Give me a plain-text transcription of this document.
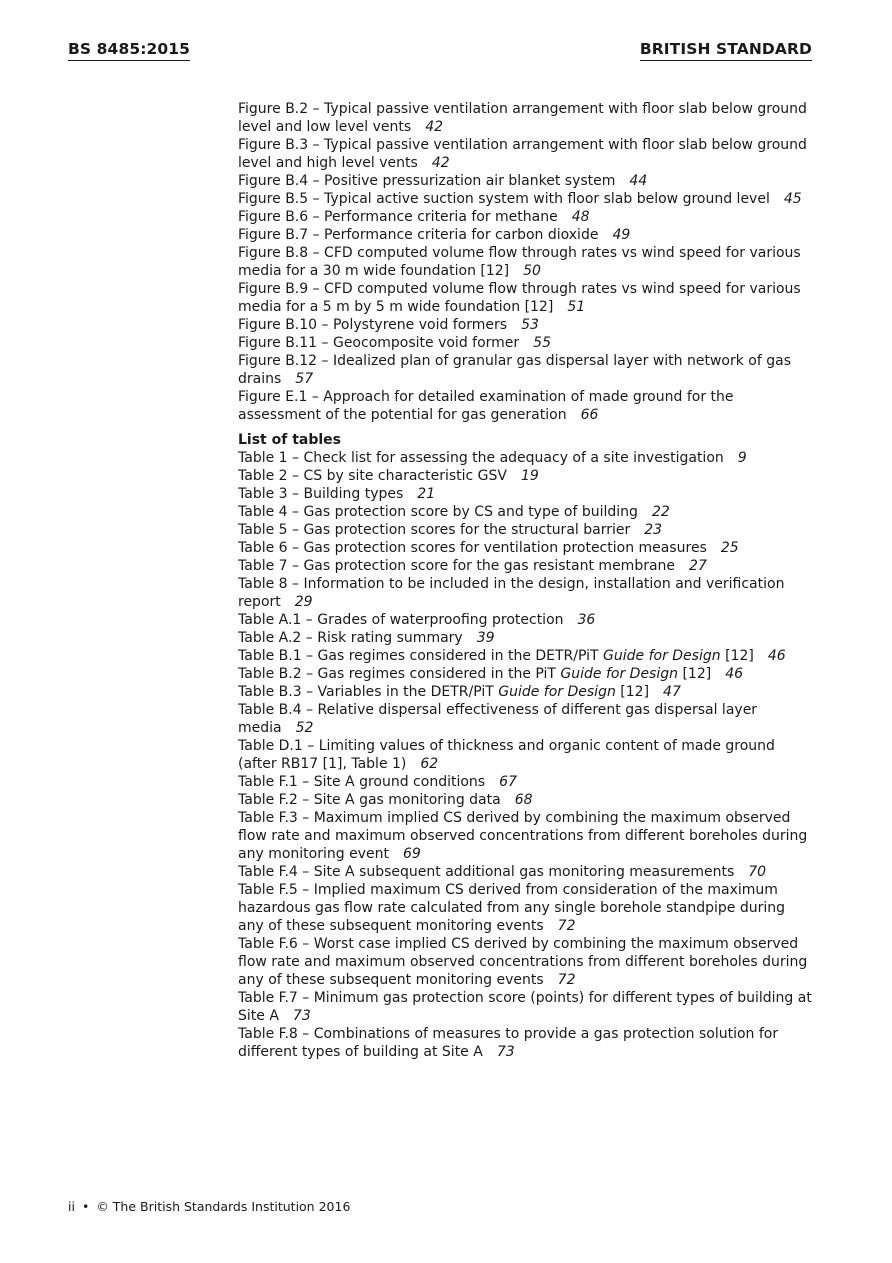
BS 8485:2015	BRITISH STANDARD
Figure B.2 – Typical passive ventilation arrangement with floor slab below ground level and low level vents 42
Figure B.3 – Typical passive ventilation arrangement with floor slab below ground level and high level vents 42
Figure B.4 – Positive pressurization air blanket system 44
Figure B.5 – Typical active suction system with floor slab below ground level 45
Figure B.6 – Performance criteria for methane 48
Figure B.7 – Performance criteria for carbon dioxide 49
Figure B.8 – CFD computed volume flow through rates vs wind speed for various media for a 30 m wide foundation [12] 50
Figure B.9 – CFD computed volume flow through rates vs wind speed for various media for a 5 m by 5 m wide foundation [12] 51
Figure B.10 – Polystyrene void formers 53
Figure B.11 – Geocomposite void former 55
Figure B.12 – Idealized plan of granular gas dispersal layer with network of gas drains 57
Figure E.1 – Approach for detailed examination of made ground for the assessment of the potential for gas generation 66
List of tables
Table 1 – Check list for assessing the adequacy of a site investigation 9
Table 2 – CS by site characteristic GSV 19
Table 3 – Building types 21
Table 4 – Gas protection score by CS and type of building 22
Table 5 – Gas protection scores for the structural barrier 23
Table 6 – Gas protection scores for ventilation protection measures 25
Table 7 – Gas protection score for the gas resistant membrane 27
Table 8 – Information to be included in the design, installation and verification report 29
Table A.1 – Grades of waterproofing protection 36
Table A.2 – Risk rating summary 39
Table B.1 – Gas regimes considered in the DETR/PiT Guide for Design [12] 46
Table B.2 – Gas regimes considered in the PiT Guide for Design [12] 46
Table B.3 – Variables in the DETR/PiT Guide for Design [12] 47
Table B.4 – Relative dispersal effectiveness of different gas dispersal layer media 52
Table D.1 – Limiting values of thickness and organic content of made ground (after RB17 [1], Table 1) 62
Table F.1 – Site A ground conditions 67
Table F.2 – Site A gas monitoring data 68
Table F.3 – Maximum implied CS derived by combining the maximum observed flow rate and maximum observed concentrations from different boreholes during any monitoring event 69
Table F.4 – Site A subsequent additional gas monitoring measurements 70
Table F.5 – Implied maximum CS derived from consideration of the maximum hazardous gas flow rate calculated from any single borehole standpipe during any of these subsequent monitoring events 72
Table F.6 – Worst case implied CS derived by combining the maximum observed flow rate and maximum observed concentrations from different boreholes during any of these subsequent monitoring events 72
Table F.7 – Minimum gas protection score (points) for different types of building at Site A 73
Table F.8 – Combinations of measures to provide a gas protection solution for different types of building at Site A 73
ii • © The British Standards Institution 2016
